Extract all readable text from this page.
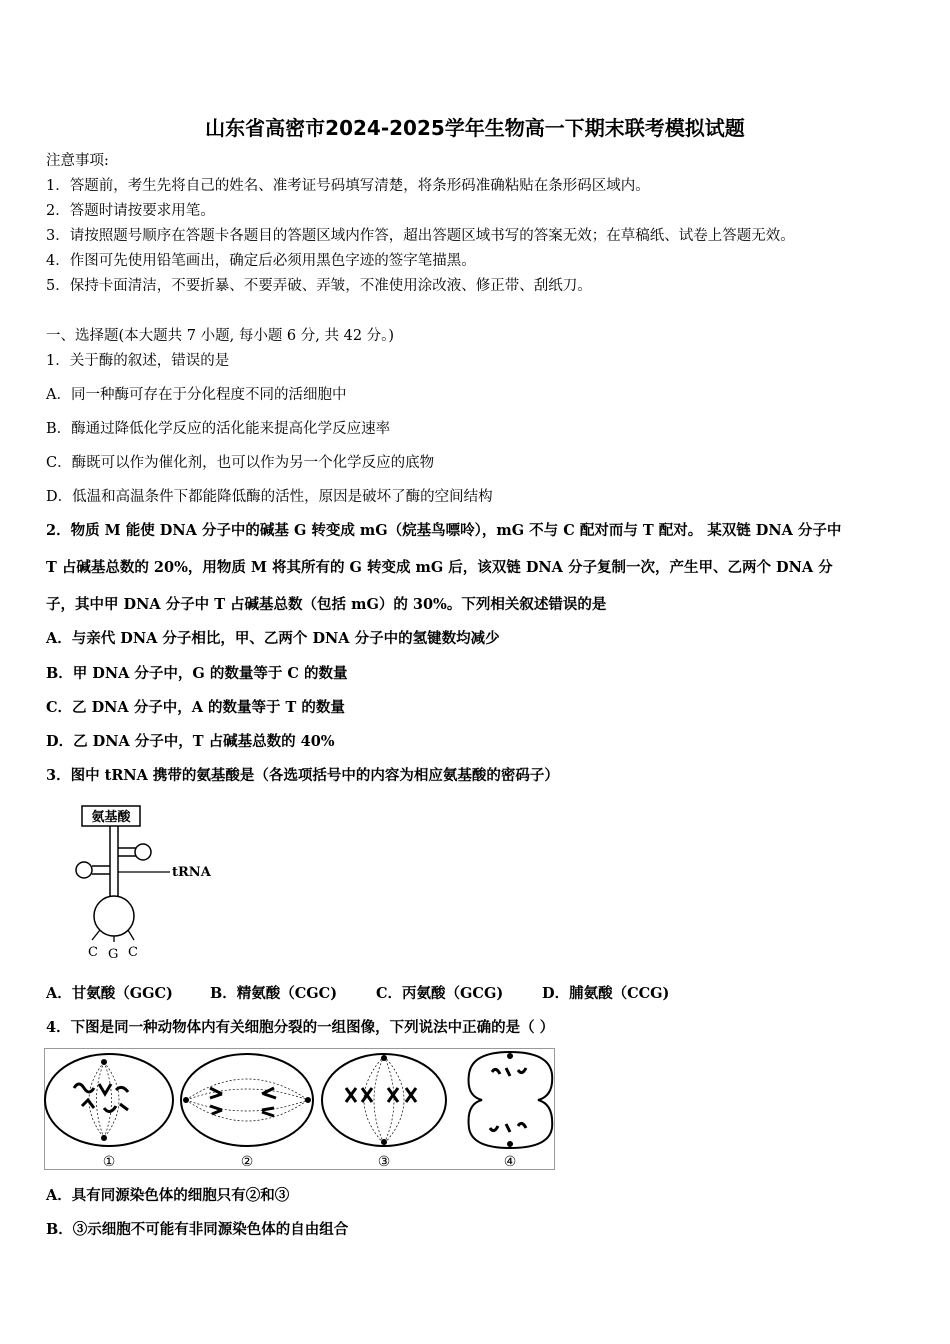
山东省高密市2024-2025学年生物高一下期末联考模拟试题
注意事项:
1．答题前，考生先将自己的姓名、准考证号码填写清楚，将条形码准确粘贴在条形码区域内。
2．答题时请按要求用笔。
3．请按照题号顺序在答题卡各题目的答题区域内作答，超出答题区域书写的答案无效；在草稿纸、试卷上答题无效。
4．作图可先使用铅笔画出，确定后必须用黑色字迹的签字笔描黑。
5．保持卡面清洁，不要折暴、不要弄破、弄皱，不准使用涂改液、修正带、刮纸刀。
一、选择题(本大题共 7 小题, 每小题 6 分, 共 42 分。)
1．关于酶的叙述，错误的是
A．同一种酶可存在于分化程度不同的活细胞中
B．酶通过降低化学反应的活化能来提高化学反应速率
C．酶既可以作为催化剂，也可以作为另一个化学反应的底物
D．低温和高温条件下都能降低酶的活性，原因是破坏了酶的空间结构
2．物质 M 能使 DNA 分子中的碱基 G 转变成 mG（烷基鸟嘌呤），mG 不与 C 配对而与 T 配对。 某双链 DNA 分子中
T 占碱基总数的 20%，用物质 M 将其所有的 G 转变成 mG 后，该双链 DNA 分子复制一次，产生甲、乙两个 DNA 分
子，其中甲 DNA 分子中 T 占碱基总数（包括 mG）的 30%。下列相关叙述错误的是
A．与亲代 DNA 分子相比，甲、乙两个 DNA 分子中的氢键数均减少
B．甲 DNA 分子中，G 的数量等于 C 的数量
C．乙 DNA 分子中，A 的数量等于 T 的数量
D．乙 DNA 分子中，T 占碱基总数的 40%
3．图中 tRNA 携带的氨基酸是（各选项括号中的内容为相应氨基酸的密码子）
氨基酸
tRNA
C G C
A．甘氨酸（GGC)	B．精氨酸（CGC)	C．丙氨酸（GCG)	D．脯氨酸（CCG)
4．下图是同一种动物体内有关细胞分裂的一组图像，下列说法中正确的是（ ）
①	②	③	④
A．具有同源染色体的细胞只有②和③
B．③示细胞不可能有非同源染色体的自由组合
